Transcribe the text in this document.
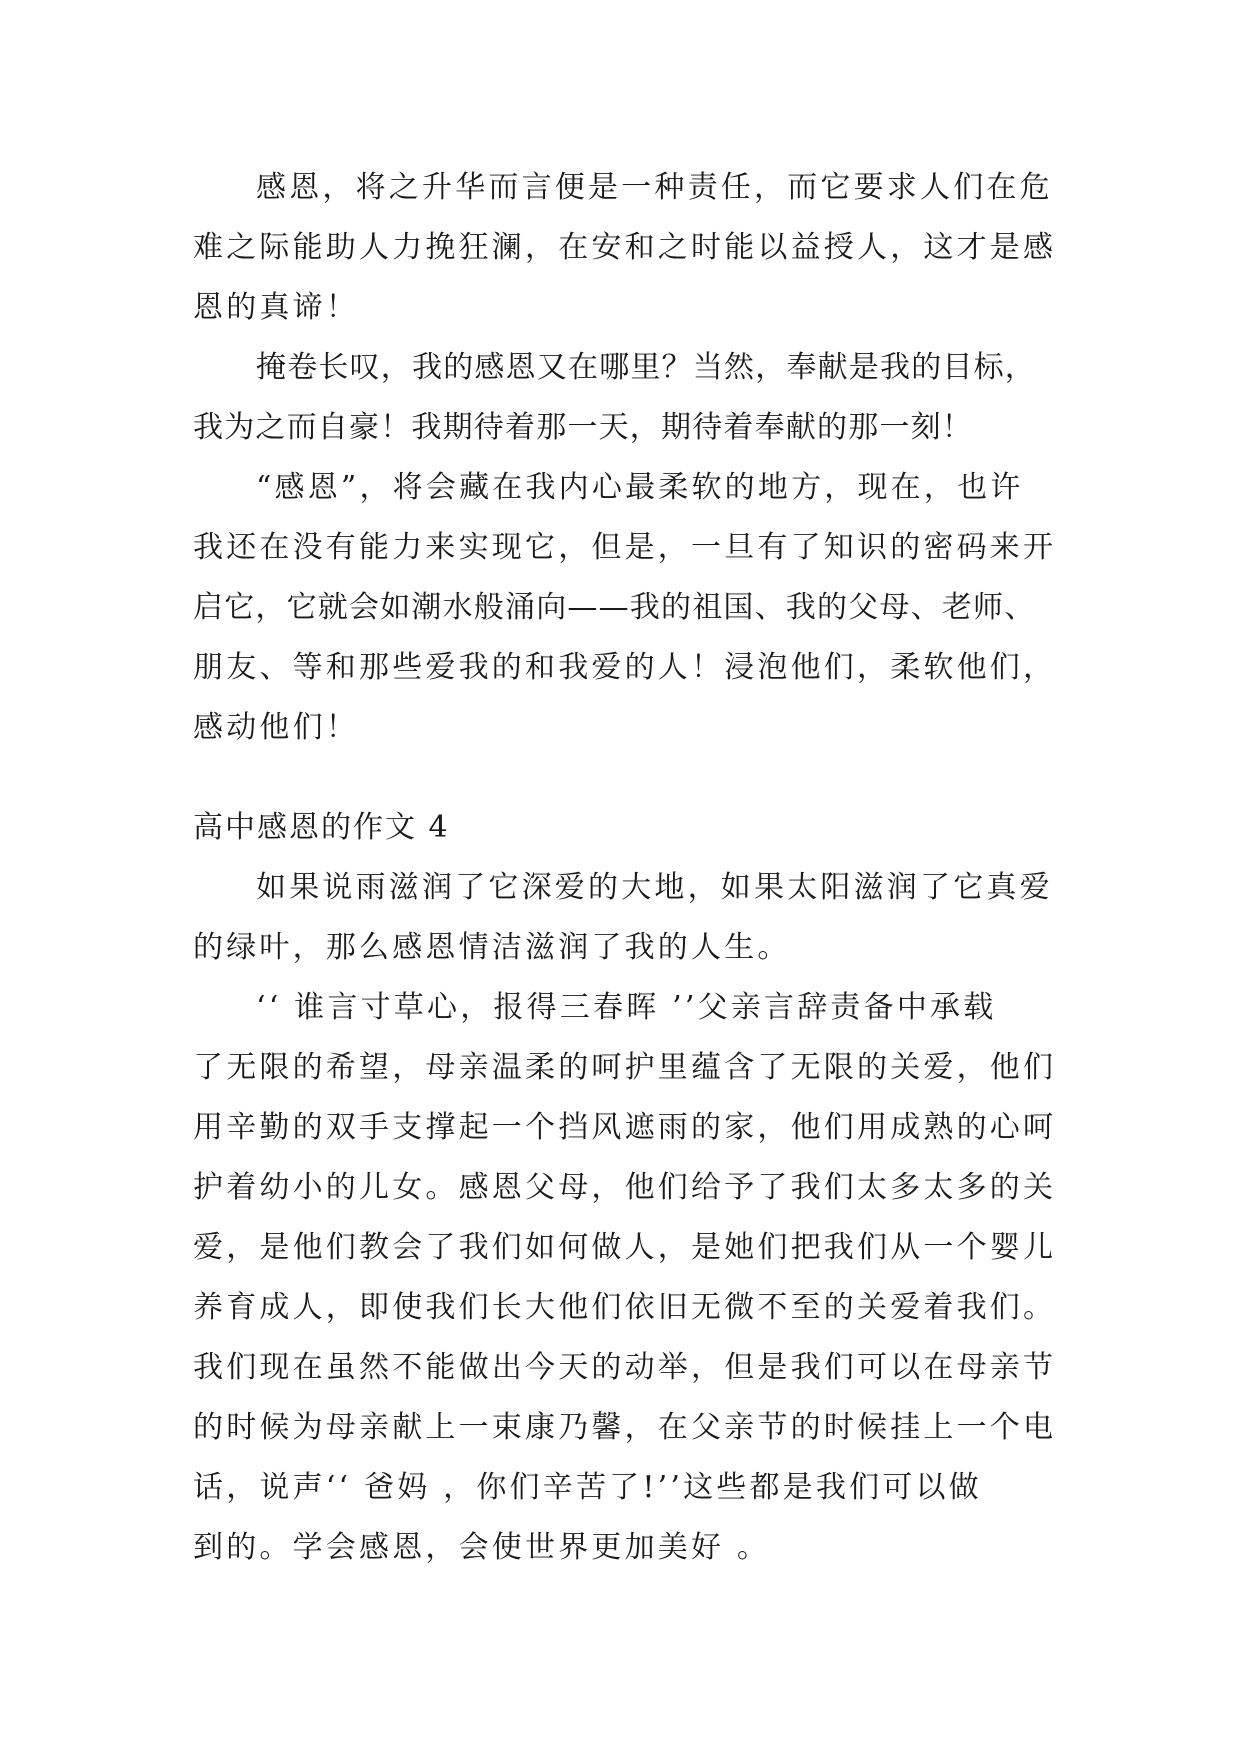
感恩，将之升华而言便是一种责任，而它要求人们在危
难之际能助人力挽狂澜，在安和之时能以益授人，这才是感
恩的真谛！
掩卷长叹，我的感恩又在哪里？当然，奉献是我的目标，
我为之而自豪！我期待着那一天，期待着奉献的那一刻！
“感恩”，将会藏在我内心最柔软的地方，现在，也许
我还在没有能力来实现它，但是，一旦有了知识的密码来开
启它，它就会如潮水般涌向——我的祖国、我的父母、老师、
朋友、等和那些爱我的和我爱的人！浸泡他们，柔软他们，
感动他们！
高中感恩的作文 4
如果说雨滋润了它深爱的大地，如果太阳滋润了它真爱
的绿叶，那么感恩情洁滋润了我的人生。
‘‘ 谁言寸草心，报得三春晖 ’’父亲言辞责备中承载
了无限的希望，母亲温柔的呵护里蕴含了无限的关爱，他们
用辛勤的双手支撑起一个挡风遮雨的家，他们用成熟的心呵
护着幼小的儿女。感恩父母，他们给予了我们太多太多的关
爱，是他们教会了我们如何做人，是她们把我们从一个婴儿
养育成人，即使我们长大他们依旧无微不至的关爱着我们。
我们现在虽然不能做出今天的动举，但是我们可以在母亲节
的时候为母亲献上一束康乃馨，在父亲节的时候挂上一个电
话，说声‘‘ 爸妈 ，你们辛苦了!’’这些都是我们可以做
到的。学会感恩，会使世界更加美好 。
